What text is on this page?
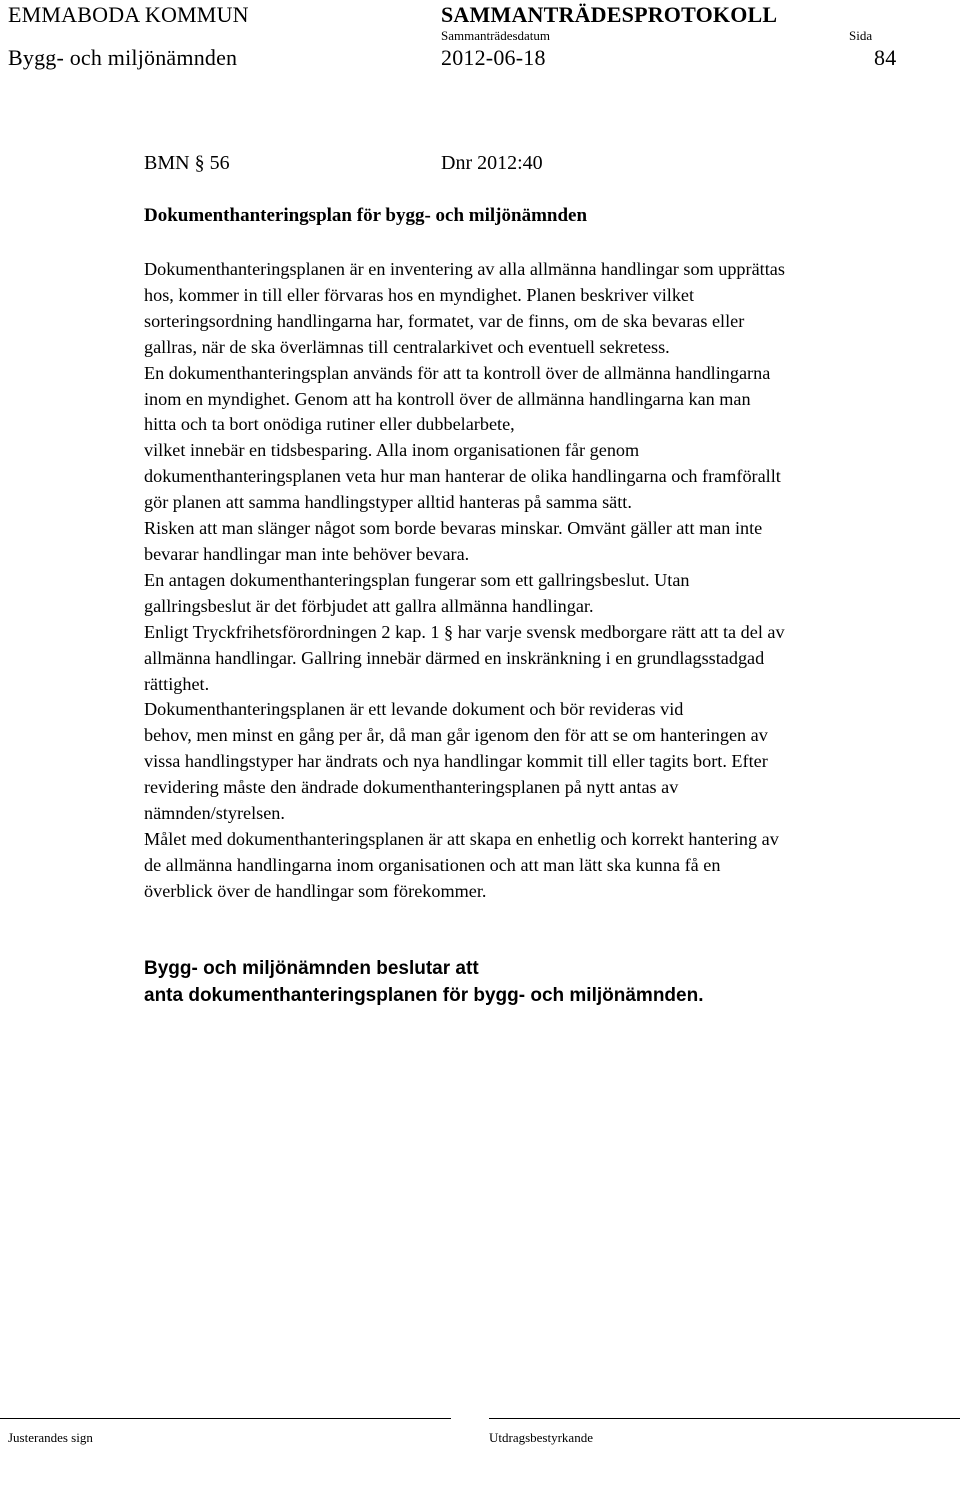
EMMABODA KOMMUN	SAMMANTRÄDESPROTOKOLL
Sammanträdesdatum	Sida
Bygg- och miljönämnden	2012-06-18	84
BMN § 56	Dnr 2012:40
Dokumenthanteringsplan för bygg- och miljönämnden
Dokumenthanteringsplanen är en inventering av alla allmänna handlingar som upprättas
hos, kommer in till eller förvaras hos en myndighet. Planen beskriver vilket
sorteringsordning handlingarna har, formatet, var de finns, om de ska bevaras eller
gallras, när de ska överlämnas till centralarkivet och eventuell sekretess.
En dokumenthanteringsplan används för att ta kontroll över de allmänna handlingarna
inom en myndighet. Genom att ha kontroll över de allmänna handlingarna kan man
hitta och ta bort onödiga rutiner eller dubbelarbete,
vilket innebär en tidsbesparing. Alla inom organisationen får genom
dokumenthanteringsplanen veta hur man hanterar de olika handlingarna och framförallt
gör planen att samma handlingstyper alltid hanteras på samma sätt.
Risken att man slänger något som borde bevaras minskar. Omvänt gäller att man inte
bevarar handlingar man inte behöver bevara.
En antagen dokumenthanteringsplan fungerar som ett gallringsbeslut. Utan
gallringsbeslut är det förbjudet att gallra allmänna handlingar.
Enligt Tryckfrihetsförordningen 2 kap. 1 § har varje svensk medborgare rätt att ta del av
allmänna handlingar. Gallring innebär därmed en inskränkning i en grundlagsstadgad
rättighet.
Dokumenthanteringsplanen är ett levande dokument och bör revideras vid
behov, men minst en gång per år, då man går igenom den för att se om hanteringen av
vissa handlingstyper har ändrats och nya handlingar kommit till eller tagits bort. Efter
revidering måste den ändrade dokumenthanteringsplanen på nytt antas av
nämnden/styrelsen.
Målet med dokumenthanteringsplanen är att skapa en enhetlig och korrekt hantering av
de allmänna handlingarna inom organisationen och att man lätt ska kunna få en
överblick över de handlingar som förekommer.
Bygg- och miljönämnden beslutar att
anta dokumenthanteringsplanen för bygg- och miljönämnden.
Justerandes sign	Utdragsbestyrkande
